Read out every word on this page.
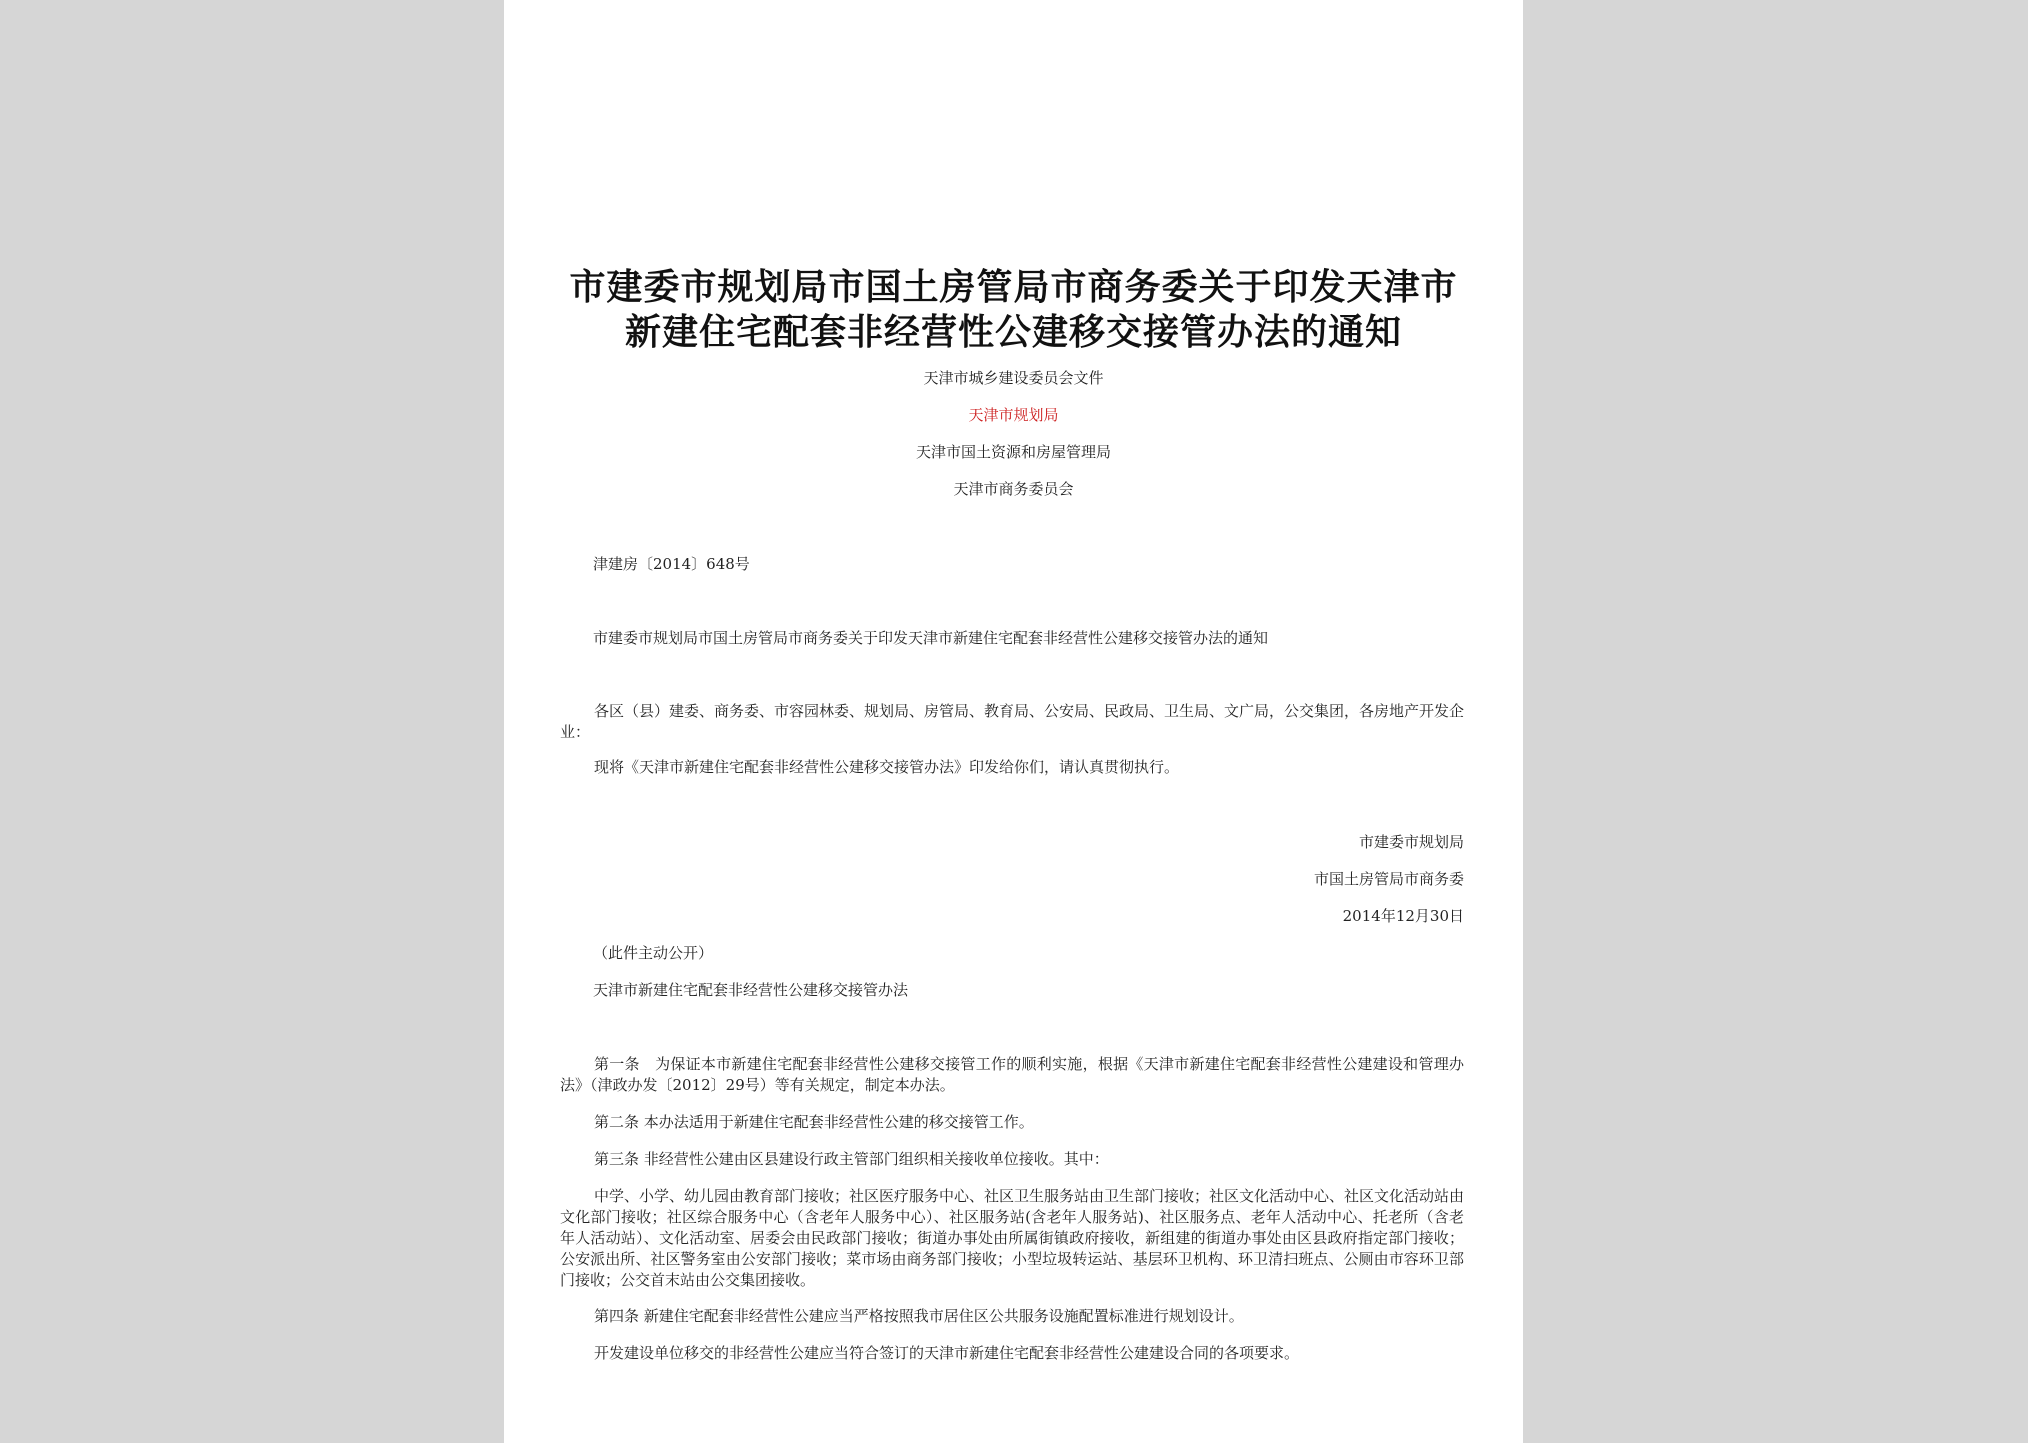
市建委市规划局市国土房管局市商务委关于印发天津市
新建住宅配套非经营性公建移交接管办法的通知
天津市城乡建设委员会文件
天津市规划局
天津市国土资源和房屋管理局
天津市商务委员会
津建房〔2014〕648号
市建委市规划局市国土房管局市商务委关于印发天津市新建住宅配套非经营性公建移交接管办法的通知
各区（县）建委、商务委、市容园林委、规划局、房管局、教育局、公安局、民政局、卫生局、文广局，公交集团，各房地产开发企业：
现将《天津市新建住宅配套非经营性公建移交接管办法》印发给你们，请认真贯彻执行。
市建委市规划局
市国土房管局市商务委
2014年12月30日
（此件主动公开）
天津市新建住宅配套非经营性公建移交接管办法
第一条　为保证本市新建住宅配套非经营性公建移交接管工作的顺利实施，根据《天津市新建住宅配套非经营性公建建设和管理办法》（津政办发〔2012〕29号）等有关规定，制定本办法。
第二条 本办法适用于新建住宅配套非经营性公建的移交接管工作。
第三条 非经营性公建由区县建设行政主管部门组织相关接收单位接收。其中：
中学、小学、幼儿园由教育部门接收；社区医疗服务中心、社区卫生服务站由卫生部门接收；社区文化活动中心、社区文化活动站由文化部门接收；社区综合服务中心（含老年人服务中心）、社区服务站(含老年人服务站)、社区服务点、老年人活动中心、托老所（含老年人活动站）、文化活动室、居委会由民政部门接收；街道办事处由所属街镇政府接收，新组建的街道办事处由区县政府指定部门接收；公安派出所、社区警务室由公安部门接收；菜市场由商务部门接收；小型垃圾转运站、基层环卫机构、环卫清扫班点、公厕由市容环卫部门接收；公交首末站由公交集团接收。
第四条 新建住宅配套非经营性公建应当严格按照我市居住区公共服务设施配置标准进行规划设计。
开发建设单位移交的非经营性公建应当符合签订的天津市新建住宅配套非经营性公建建设合同的各项要求。
